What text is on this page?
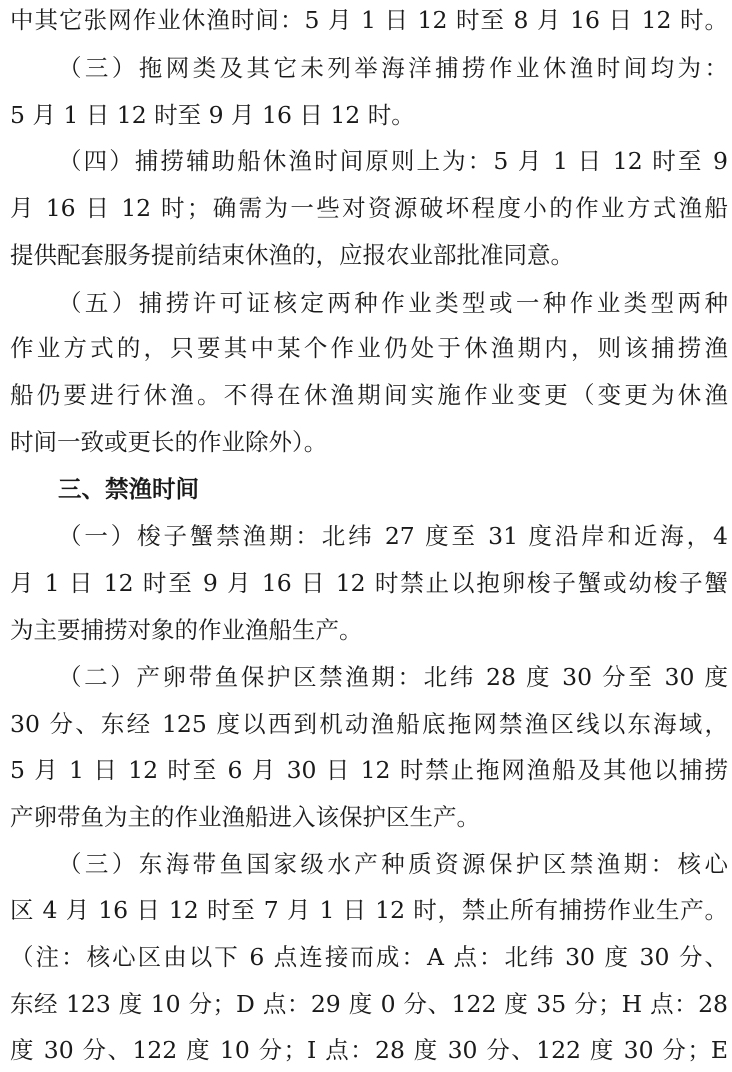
中其它张网作业休渔时间：5 月 1 日 12 时至 8 月 16 日 12 时。
（三）拖网类及其它未列举海洋捕捞作业休渔时间均为：
5 月 1 日 12 时至 9 月 16 日 12 时。
（四）捕捞辅助船休渔时间原则上为：5 月 1 日 12 时至 9
月 16 日 12 时；确需为一些对资源破坏程度小的作业方式渔船
提供配套服务提前结束休渔的，应报农业部批准同意。
（五）捕捞许可证核定两种作业类型或一种作业类型两种
作业方式的，只要其中某个作业仍处于休渔期内，则该捕捞渔
船仍要进行休渔。不得在休渔期间实施作业变更（变更为休渔
时间一致或更长的作业除外）。
三、禁渔时间
（一）梭子蟹禁渔期：北纬 27 度至 31 度沿岸和近海，4
月 1 日 12 时至 9 月 16 日 12 时禁止以抱卵梭子蟹或幼梭子蟹
为主要捕捞对象的作业渔船生产。
（二）产卵带鱼保护区禁渔期：北纬 28 度 30 分至 30 度
30 分、东经 125 度以西到机动渔船底拖网禁渔区线以东海域，
5 月 1 日 12 时至 6 月 30 日 12 时禁止拖网渔船及其他以捕捞
产卵带鱼为主的作业渔船进入该保护区生产。
（三）东海带鱼国家级水产种质资源保护区禁渔期：核心
区 4 月 16 日 12 时至 7 月 1 日 12 时，禁止所有捕捞作业生产。
（注：核心区由以下 6 点连接而成：A 点：北纬 30 度 30 分、
东经 123 度 10 分；D 点：29 度 0 分、122 度 35 分；H 点：28
度 30 分、122 度 10 分；I 点：28 度 30 分、122 度 30 分；E
